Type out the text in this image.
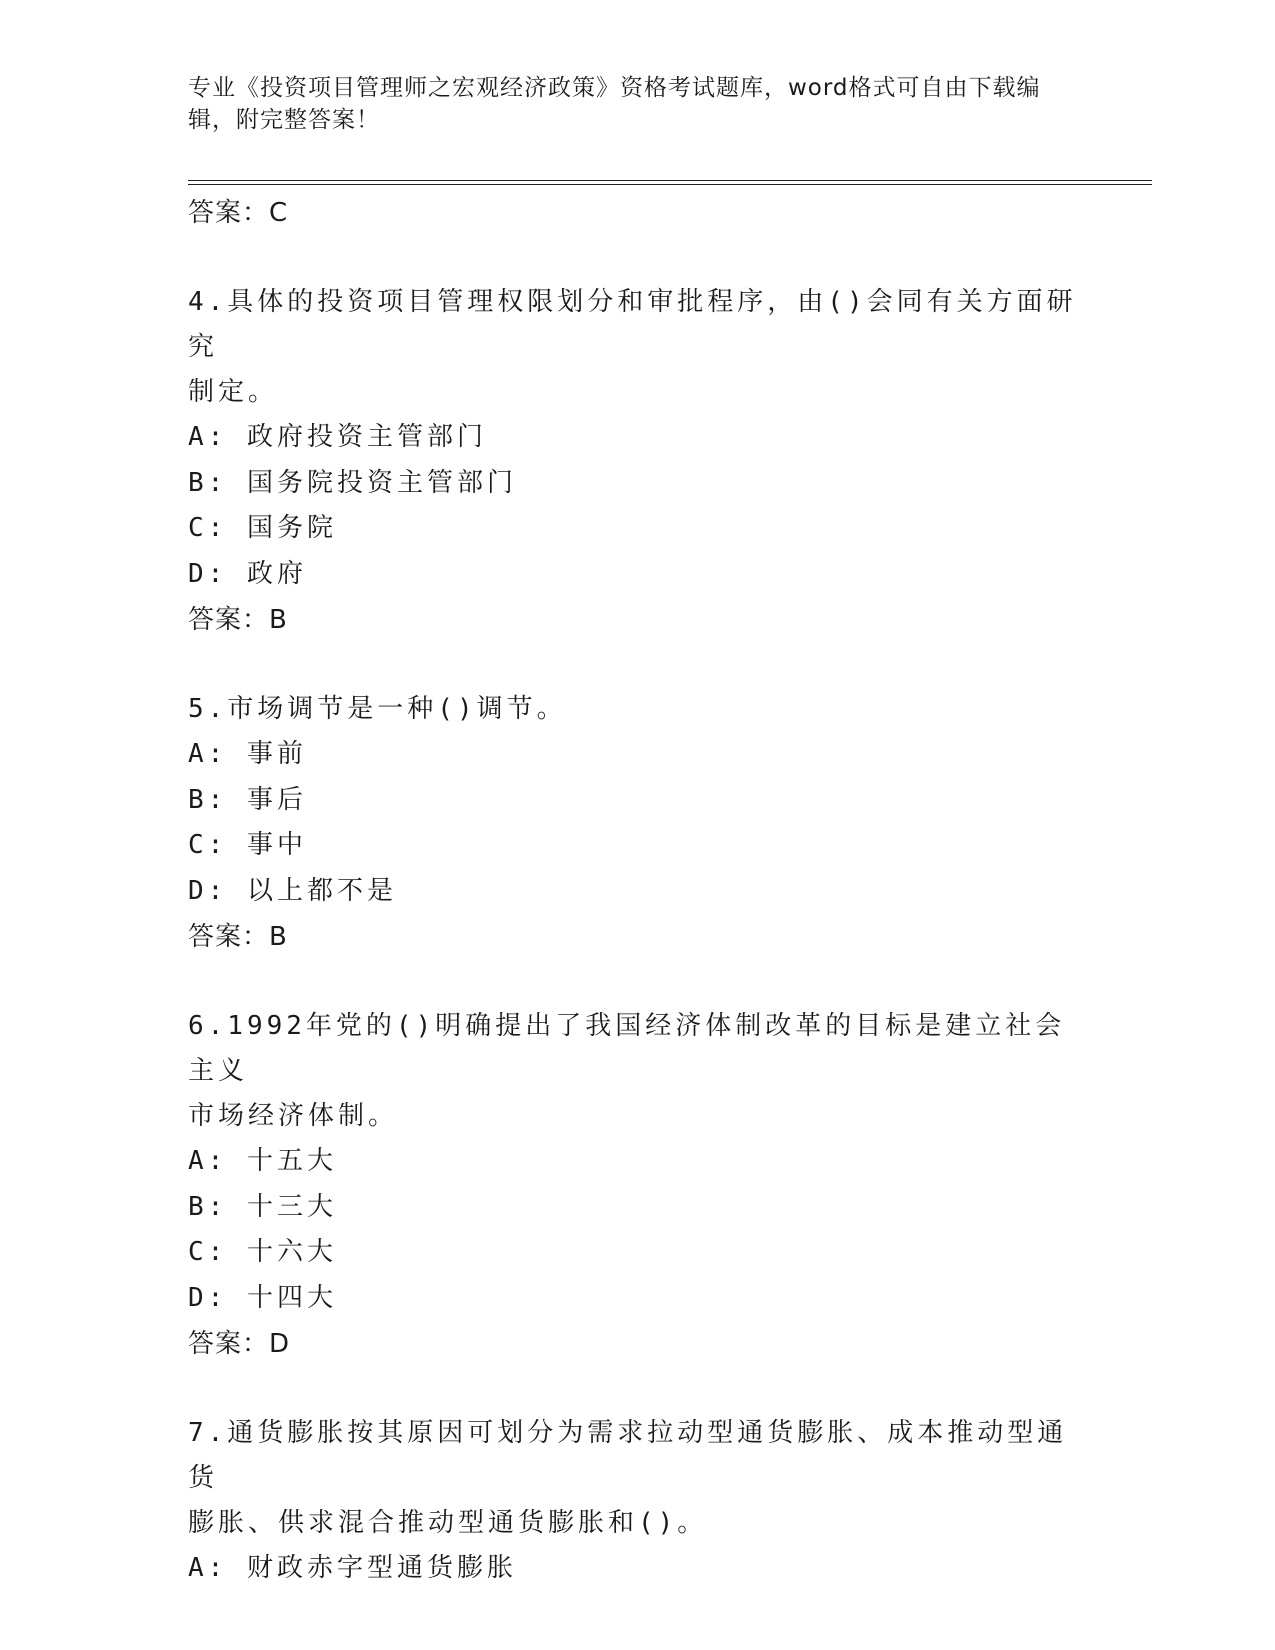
专业《投资项目管理师之宏观经济政策》资格考试题库，word格式可自由下载编
辑，附完整答案！
答案：C
4.具体的投资项目管理权限划分和审批程序，由()会同有关方面研究
制定。
A: 政府投资主管部门
B: 国务院投资主管部门
C: 国务院
D: 政府
答案：B
5.市场调节是一种()调节。
A: 事前
B: 事后
C: 事中
D: 以上都不是
答案：B
6.1992年党的()明确提出了我国经济体制改革的目标是建立社会主义
市场经济体制。
A: 十五大
B: 十三大
C: 十六大
D: 十四大
答案：D
7.通货膨胀按其原因可划分为需求拉动型通货膨胀、成本推动型通货
膨胀、供求混合推动型通货膨胀和()。
A: 财政赤字型通货膨胀
